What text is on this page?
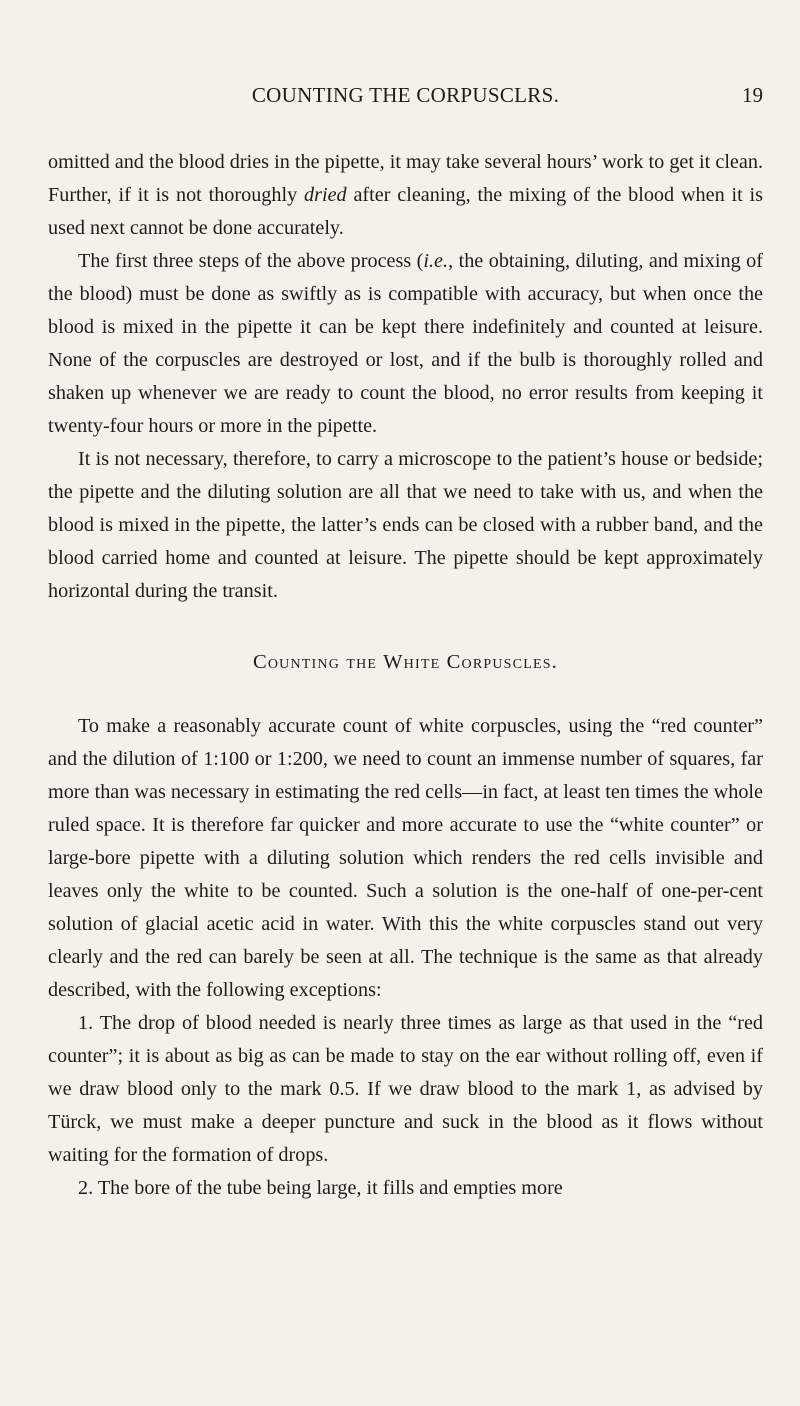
COUNTING THE CORPUSCLRS.	19

omitted and the blood dries in the pipette, it may take several hours’ work to get it clean. Further, if it is not thoroughly dried after cleaning, the mixing of the blood when it is used next cannot be done accurately.

The first three steps of the above process (i.e., the obtaining, diluting, and mixing of the blood) must be done as swiftly as is compatible with accuracy, but when once the blood is mixed in the pipette it can be kept there indefinitely and counted at leisure. None of the corpuscles are destroyed or lost, and if the bulb is thoroughly rolled and shaken up whenever we are ready to count the blood, no error results from keeping it twenty-four hours or more in the pipette.

It is not necessary, therefore, to carry a microscope to the patient’s house or bedside; the pipette and the diluting solution are all that we need to take with us, and when the blood is mixed in the pipette, the latter’s ends can be closed with a rubber band, and the blood carried home and counted at leisure. The pipette should be kept approximately horizontal during the transit.

Counting the White Corpuscles.

To make a reasonably accurate count of white corpuscles, using the “red counter” and the dilution of 1:100 or 1:200, we need to count an immense number of squares, far more than was necessary in estimating the red cells—in fact, at least ten times the whole ruled space. It is therefore far quicker and more accurate to use the “white counter” or large-bore pipette with a diluting solution which renders the red cells invisible and leaves only the white to be counted. Such a solution is the one-half of one-per-cent solution of glacial acetic acid in water. With this the white corpuscles stand out very clearly and the red can barely be seen at all. The technique is the same as that already described, with the following exceptions:

1. The drop of blood needed is nearly three times as large as that used in the “red counter”; it is about as big as can be made to stay on the ear without rolling off, even if we draw blood only to the mark 0.5. If we draw blood to the mark 1, as advised by Türck, we must make a deeper puncture and suck in the blood as it flows without waiting for the formation of drops.

2. The bore of the tube being large, it fills and empties more
